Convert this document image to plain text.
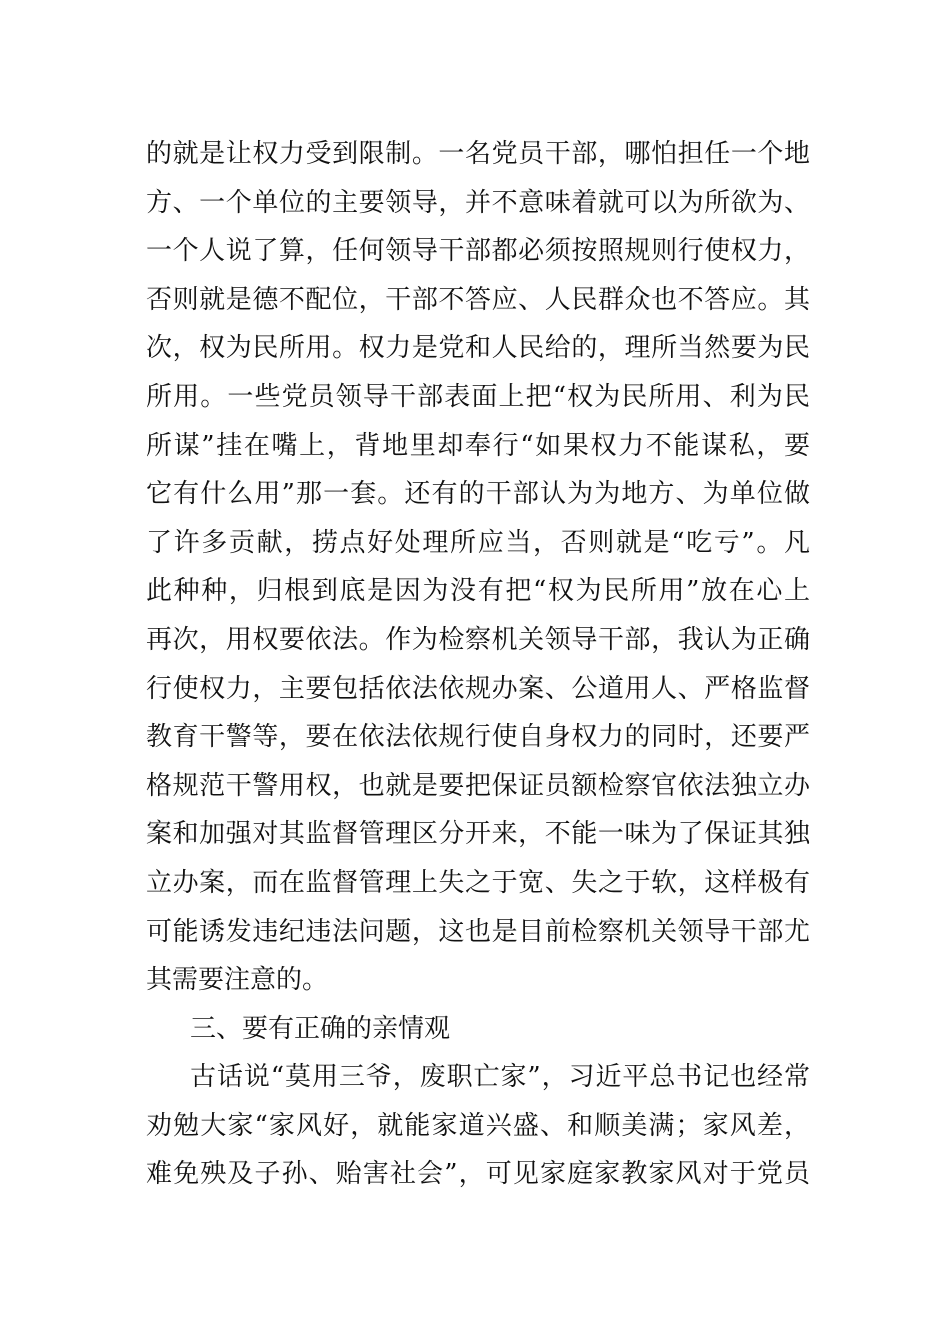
的就是让权力受到限制。一名党员干部，哪怕担任一个地
方、一个单位的主要领导，并不意味着就可以为所欲为、
一个人说了算，任何领导干部都必须按照规则行使权力，
否则就是德不配位，干部不答应、人民群众也不答应。其
次，权为民所用。权力是党和人民给的，理所当然要为民
所用。一些党员领导干部表面上把“权为民所用、利为民
所谋”挂在嘴上，背地里却奉行“如果权力不能谋私，要
它有什么用”那一套。还有的干部认为为地方、为单位做
了许多贡献，捞点好处理所应当，否则就是“吃亏”。凡
此种种，归根到底是因为没有把“权为民所用”放在心上
再次，用权要依法。作为检察机关领导干部，我认为正确
行使权力，主要包括依法依规办案、公道用人、严格监督
教育干警等，要在依法依规行使自身权力的同时，还要严
格规范干警用权，也就是要把保证员额检察官依法独立办
案和加强对其监督管理区分开来，不能一味为了保证其独
立办案，而在监督管理上失之于宽、失之于软，这样极有
可能诱发违纪违法问题，这也是目前检察机关领导干部尤
其需要注意的。
三、要有正确的亲情观
古话说“莫用三爷，废职亡家”，习近平总书记也经常
劝勉大家“家风好，就能家道兴盛、和顺美满；家风差，
难免殃及子孙、贻害社会”，可见家庭家教家风对于党员
